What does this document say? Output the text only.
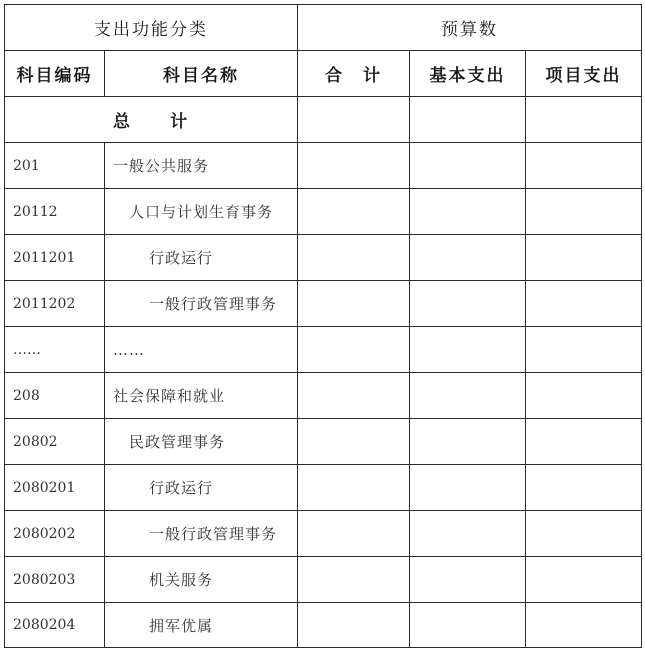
支出功能分类		预算数		
科目编码	科目名称	合　计	基本支出	项目支出
总　　计				
201	一般公共服务			
20112	人口与计划生育事务			
2011201	行政运行			
2011202	一般行政管理事务			
……	……			
208	社会保障和就业			
20802	民政管理事务			
2080201	行政运行			
2080202	一般行政管理事务			
2080203	机关服务			
2080204	拥军优属			
